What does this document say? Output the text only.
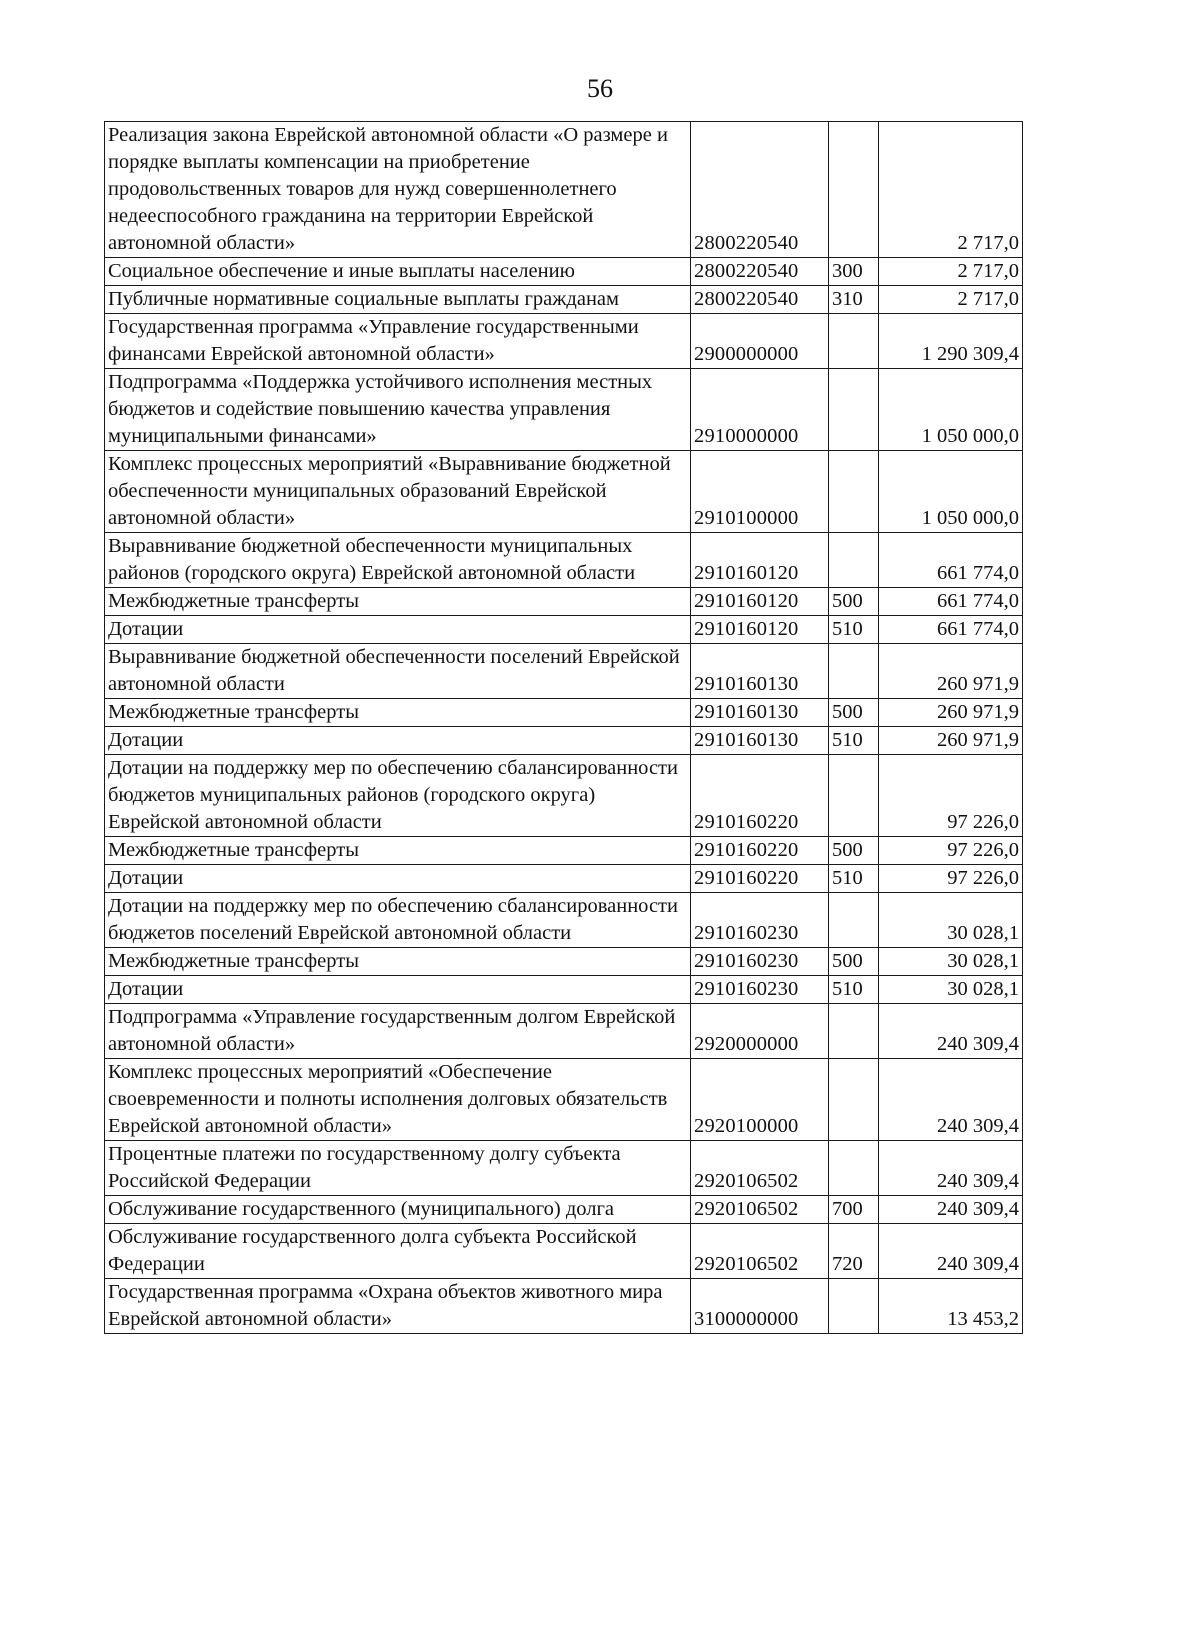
56
Реализация закона Еврейской автономной области «О размере и порядке выплаты компенсации на приобретение продовольственных товаров для нужд совершеннолетнего недееспособного гражданина на территории Еврейской автономной области»	2800220540		2 717,0
Социальное обеспечение и иные выплаты населению	2800220540	300	2 717,0
Публичные нормативные социальные выплаты гражданам	2800220540	310	2 717,0
Государственная программа «Управление государственными финансами Еврейской автономной области»	2900000000		1 290 309,4
Подпрограмма «Поддержка устойчивого исполнения местных бюджетов и содействие повышению качества управления муниципальными финансами»	2910000000		1 050 000,0
Комплекс процессных мероприятий «Выравнивание бюджетной обеспеченности муниципальных образований Еврейской автономной области»	2910100000		1 050 000,0
Выравнивание бюджетной обеспеченности муниципальных районов (городского округа) Еврейской автономной области	2910160120		661 774,0
Межбюджетные трансферты	2910160120	500	661 774,0
Дотации	2910160120	510	661 774,0
Выравнивание бюджетной обеспеченности поселений Еврейской автономной области	2910160130		260 971,9
Межбюджетные трансферты	2910160130	500	260 971,9
Дотации	2910160130	510	260 971,9
Дотации на поддержку мер по обеспечению сбалансированности бюджетов муниципальных районов (городского округа) Еврейской автономной области	2910160220		97 226,0
Межбюджетные трансферты	2910160220	500	97 226,0
Дотации	2910160220	510	97 226,0
Дотации на поддержку мер по обеспечению сбалансированности бюджетов поселений Еврейской автономной области	2910160230		30 028,1
Межбюджетные трансферты	2910160230	500	30 028,1
Дотации	2910160230	510	30 028,1
Подпрограмма «Управление государственным долгом Еврейской автономной области»	2920000000		240 309,4
Комплекс процессных мероприятий «Обеспечение своевременности и полноты исполнения долговых обязательств Еврейской автономной области»	2920100000		240 309,4
Процентные платежи по государственному долгу субъекта Российской Федерации	2920106502		240 309,4
Обслуживание государственного (муниципального) долга	2920106502	700	240 309,4
Обслуживание государственного долга субъекта Российской Федерации	2920106502	720	240 309,4
Государственная программа «Охрана объектов животного мира Еврейской автономной области»	3100000000		13 453,2
